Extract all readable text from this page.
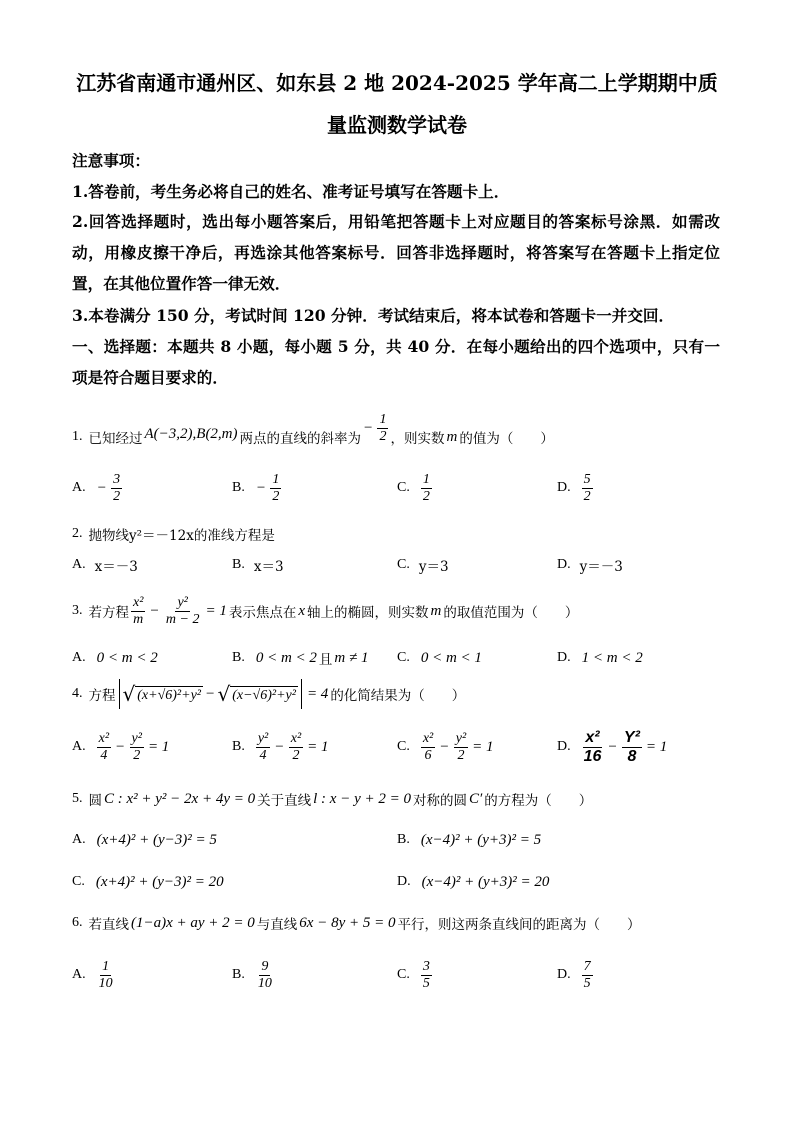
江苏省南通市通州区、如东县 2 地 2024-2025 学年高二上学期期中质
量监测数学试卷
注意事项：
1.答卷前，考生务必将自己的姓名、准考证号填写在答题卡上．
2.回答选择题时，选出每小题答案后，用铅笔把答题卡上对应题目的答案标号涂黑．如需改
动，用橡皮擦干净后，再选涂其他答案标号．回答非选择题时，将答案写在答题卡上指定位
置，在其他位置作答一律无效．
3.本卷满分 150 分，考试时间 120 分钟．考试结束后，将本试卷和答题卡一并交回．
一、选择题：本题共 8 小题，每小题 5 分，共 40 分．在每小题给出的四个选项中，只有一
项是符合题目要求的．
1. 已知经过 A(−3,2),B(2,m) 两点的直线的斜率为
− $\frac{1}{2}$ ，则实数 m 的值为（　　）
A. − $\frac{3}{2}$	B. − $\frac{1}{2}$	C. $\frac{1}{2}$	D. $\frac{5}{2}$
2. 抛物线y²＝－12x的准线方程是
A. x＝－3	B. x＝3	C. y＝3	D. y＝－3
3. 若方程 $\frac{\text{x²}}{m} - \frac{\text{y²}}{m - 2} = 1$ 表示焦点在 x 轴上的椭圆，则实数 m 的取值范围为（　　）
A. 0 < m < 2	B. 0 < m < 2 且 m ≠ 1 C. 0 < m < 1	D. 1 < m < 2
4. 方程 √ (x+√6)²+y² − √ (x−√6)²+y² = 4 的化简结果为（　　）
A. $\frac{\text{x²}}{4} - \frac{\text{y²}}{2} = 1$	B. $\frac{\text{y²}}{4} - \frac{\text{x²}}{2} = 1$	C. $\frac{\text{x²}}{6} - \frac{\text{y²}}{2} = 1$	D. $\frac{\text{x²}}{16} - \frac{\text{Y²}}{8} = 1$
5. 圆 C : x² + y² − 2x + 4y = 0 关于直线 l : x − y + 2 = 0 对称的圆 C′ 的方程为（　　）
A. (x+4)² + (y−3)² = 5	B. (x−4)² + (y+3)² = 5
C. (x+4)² + (y−3)² = 20	D. (x−4)² + (y+3)² = 20
6. 若直线 (1−a)x + ay + 2 = 0 与直线 6x − 8y + 5 = 0 平行，则这两条直线间的距离为（　　）
A. $\frac{1}{10}$	B. $\frac{9}{10}$	C. $\frac{3}{5}$	D. $\frac{7}{5}$
